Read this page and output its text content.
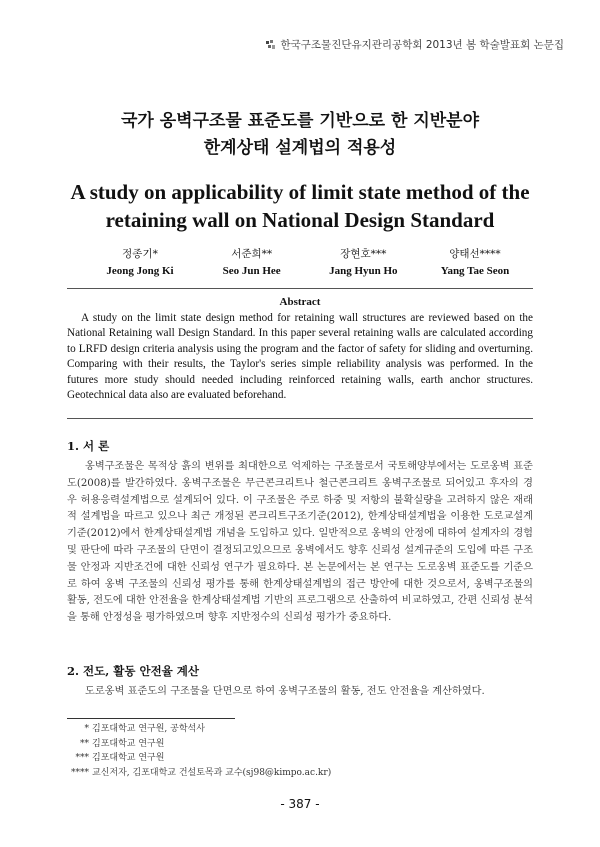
한국구조물진단유지관리공학회 2013년 봄 학술발표회 논문집
국가 옹벽구조물 표준도를 기반으로 한 지반분야
한계상태 설계법의 적용성
A study on applicability of limit state method of the
retaining wall on National Design Standard
정종기*
Jeong Jong Ki
서준희**
Seo Jun Hee
장현호***
Jang Hyun Ho
양태선****
Yang Tae Seon
Abstract
A study on the limit state design method for retaining wall structures are reviewed based on the National Retaining wall Design Standard. In this paper several retaining walls are calculated according to LRFD design criteria analysis using the program and the factor of safety for sliding and overturning. Comparing with their results, the Taylor's series simple reliability analysis was performed. In the futures more study should needed including reinforced retaining walls, earth anchor structures. Geotechnical data also are evaluated beforehand.
1. 서 론
옹벽구조물은 목적상 흙의 변위를 최대한으로 억제하는 구조물로서 국토해양부에서는 도로옹벽 표준도(2008)를 발간하였다. 옹벽구조물은 무근콘크리트나 철근콘크리트 옹벽구조물로 되어있고 후자의 경우 허용응력설계법으로 설계되어 있다. 이 구조물은 주로 하중 및 저항의 불확실량을 고려하지 않은 재래적 설계법을 따르고 있으나 최근 개정된 콘크리트구조기준(2012), 한계상태설계법을 이용한 도로교설계기준(2012)에서 한계상태설계법 개념을 도입하고 있다. 일반적으로 옹벽의 안정에 대하여 설계자의 경험 및 판단에 따라 구조물의 단면이 결정되고있으므로 옹벽에서도 향후 신뢰성 설계규준의 도입에 따른 구조물 안정과 지반조건에 대한 신뢰성 연구가 필요하다. 본 논문에서는 본 연구는 도로옹벽 표준도를 기준으로 하여 옹벽 구조물의 신뢰성 평가를 통해 한계상태설계법의 접근 방안에 대한 것으로서, 옹벽구조물의 활동, 전도에 대한 안전율을 한계상태설계법 기반의 프로그램으로 산출하여 비교하였고, 간편 신뢰성 분석을 통해 안정성을 평가하였으며 향후 지반정수의 신뢰성 평가가 중요하다.
2. 전도, 활동 안전율 계산
도로옹벽 표준도의 구조물을 단면으로 하여 옹벽구조물의 활동, 전도 안전율을 계산하였다.
* 김포대학교 연구원, 공학석사
** 김포대학교 연구원
*** 김포대학교 연구원
**** 교신저자, 김포대학교 건설토목과 교수(sj98@kimpo.ac.kr)
- 387 -
